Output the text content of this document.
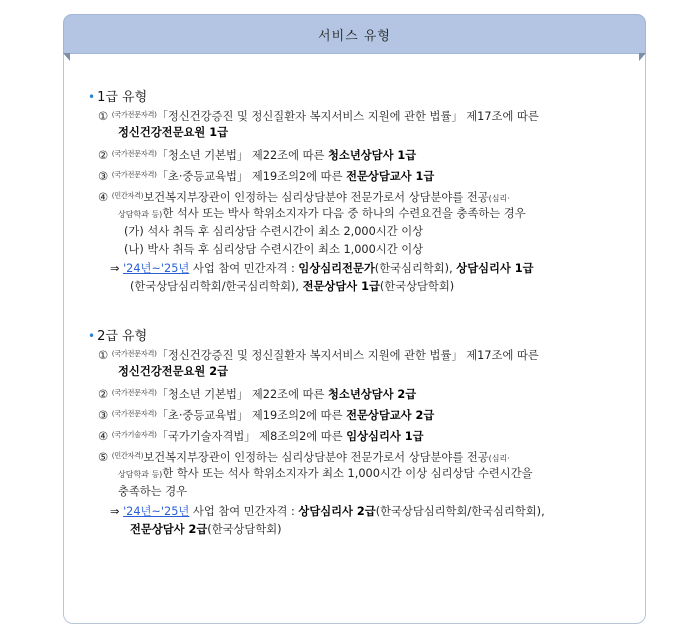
서비스 유형
• 1급 유형
① $^{(국가전문자격)}$「정신건강증진 및 정신질환자 복지서비스 지원에 관한 법률」 제17조에 따른
정신건강전문요원 1급
② $^{(국가전문자격)}$「청소년 기본법」 제22조에 따른 청소년상담사 1급
③ $^{(국가전문자격)}$「초·중등교육법」 제19조의2에 따른 전문상담교사 1급
④ $^{(민간자격)}$보건복지부장관이 인정하는 심리상담분야 전문가로서 상담분야를 전공(심리·
상담학과 등)한 석사 또는 박사 학위소지자가 다음 중 하나의 수련요건을 충족하는 경우
(가) 석사 취득 후 심리상담 수련시간이 최소 2,000시간 이상
(나) 박사 취득 후 심리상담 수련시간이 최소 1,000시간 이상
⇒ '24년~'25년 사업 참여 민간자격 : 임상심리전문가(한국심리학회), 상담심리사 1급
(한국상담심리학회/한국심리학회), 전문상담사 1급(한국상담학회)
• 2급 유형
① $^{(국가전문자격)}$「정신건강증진 및 정신질환자 복지서비스 지원에 관한 법률」 제17조에 따른
정신건강전문요원 2급
② $^{(국가전문자격)}$「청소년 기본법」 제22조에 따른 청소년상담사 2급
③ $^{(국가전문자격)}$「초·중등교육법」 제19조의2에 따른 전문상담교사 2급
④ $^{(국가기술자격)}$「국가기술자격법」 제8조의2에 따른 임상심리사 1급
⑤ $^{(민간자격)}$보건복지부장관이 인정하는 심리상담분야 전문가로서 상담분야를 전공(심리·
상담학과 등)한 학사 또는 석사 학위소지자가 최소 1,000시간 이상 심리상담 수련시간을
충족하는 경우
⇒ '24년~'25년 사업 참여 민간자격 : 상담심리사 2급(한국상담심리학회/한국심리학회),
전문상담사 2급(한국상담학회)
